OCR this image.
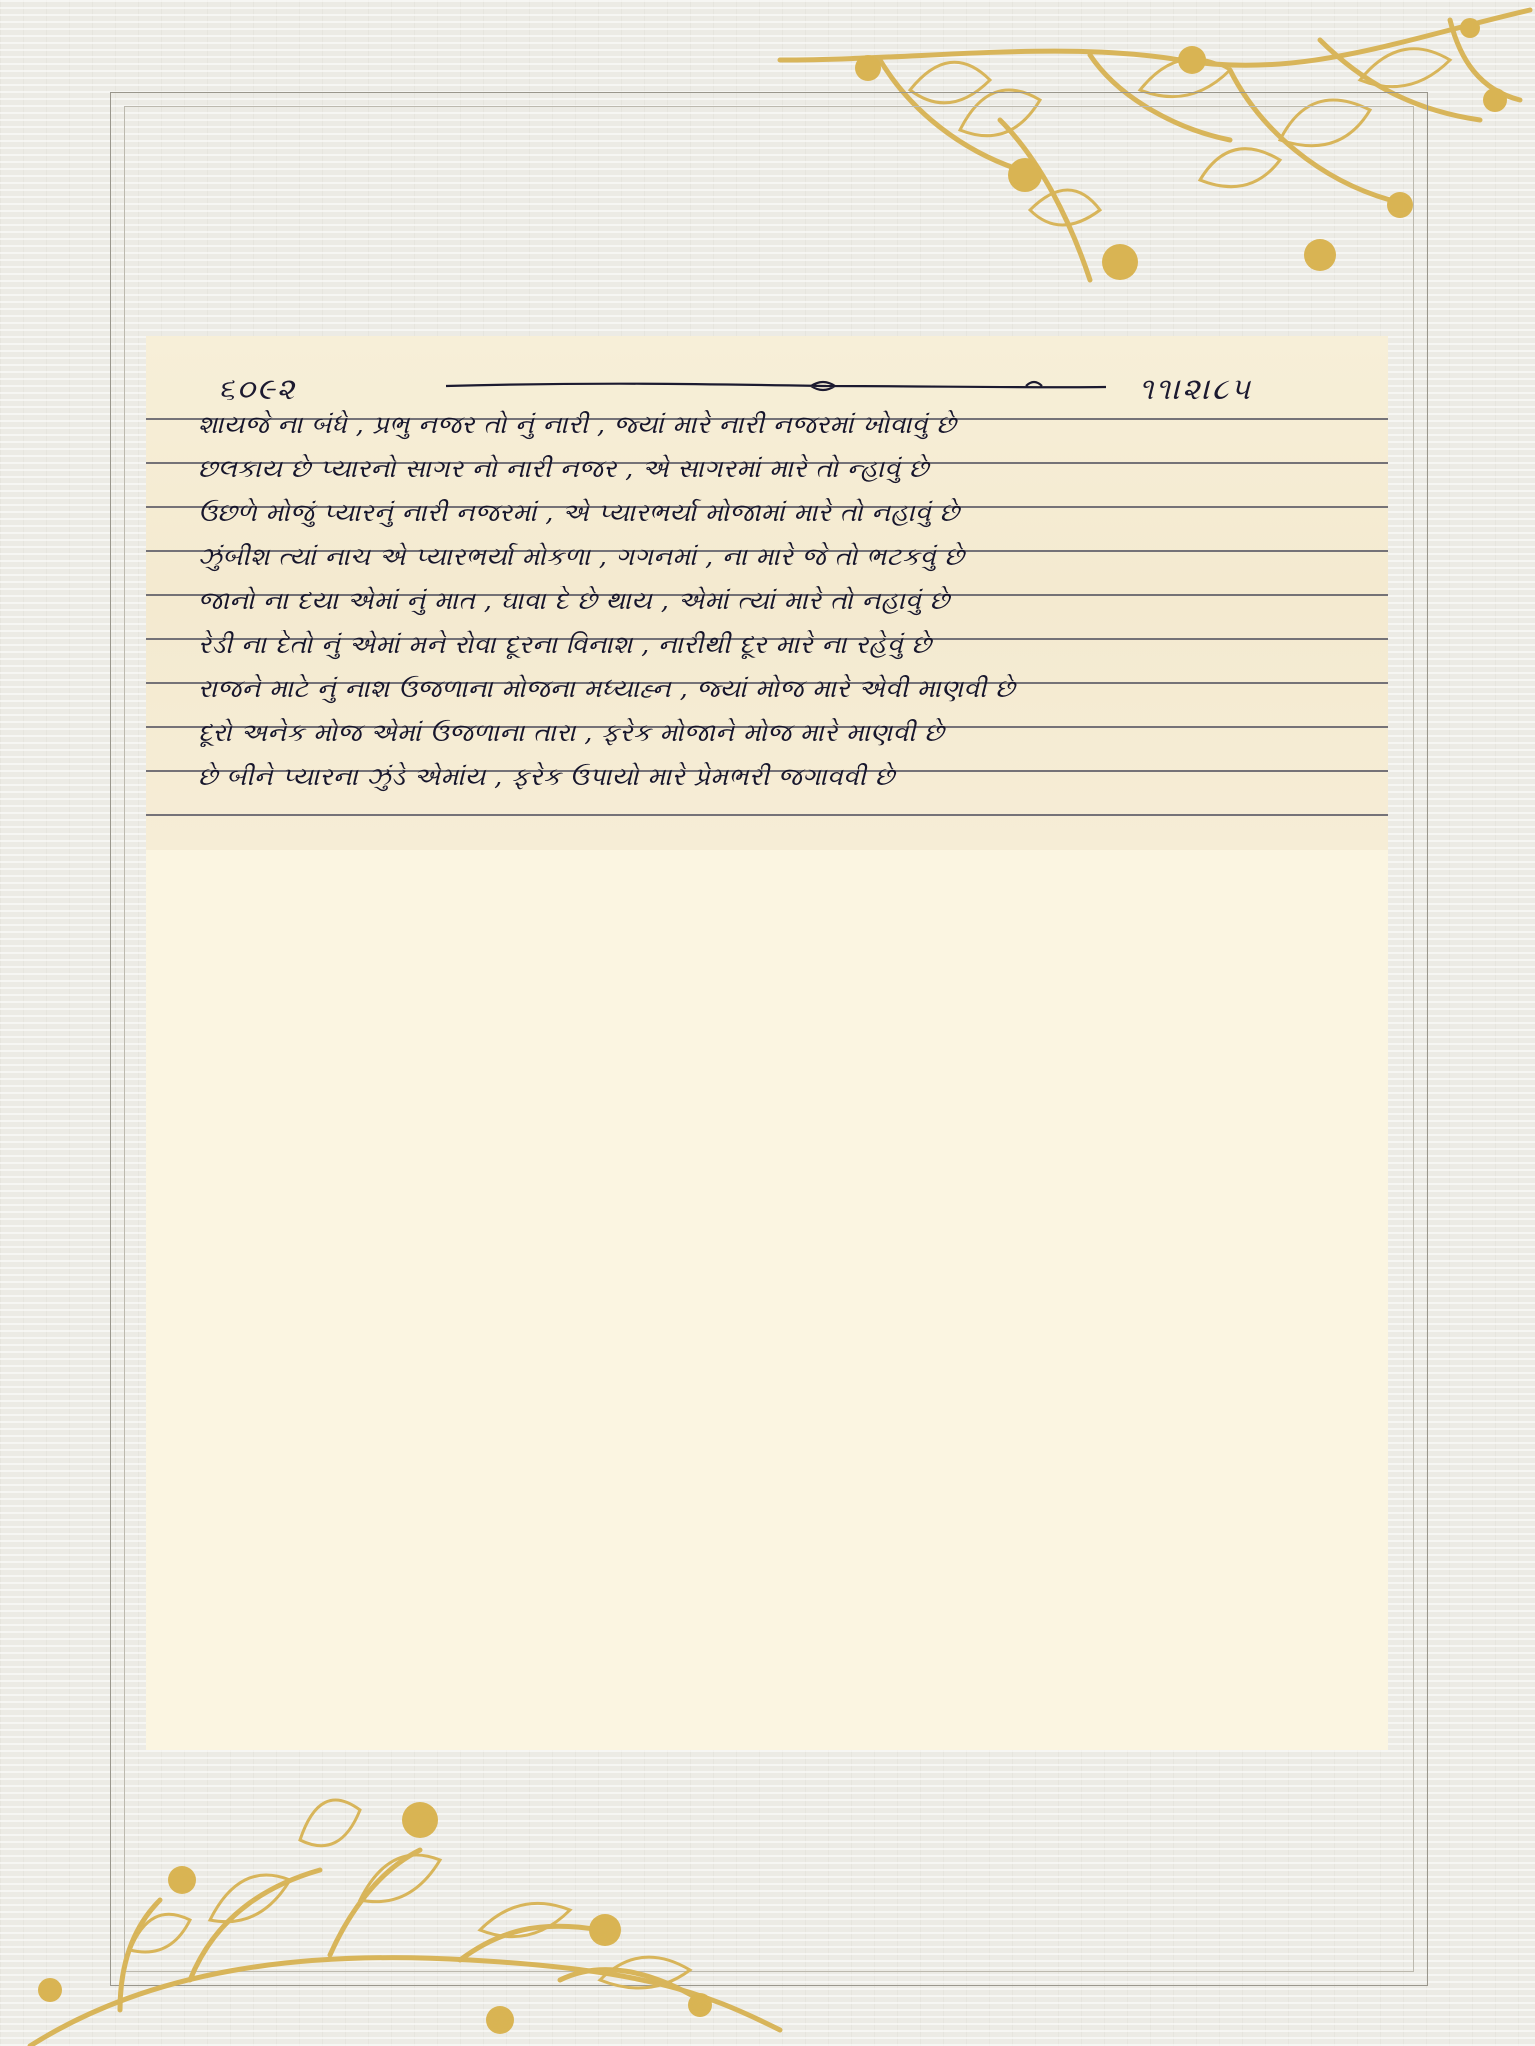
૬૦૯૨	૧૧।૨।૮૫
શાયજે ના બંધે , પ્રભુ નજર તો નું નારી , જ્યાં મારે નારી નજરમાં ખોવાવું છે
છલકાય છે પ્યારનો સાગર નો નારી નજર , એ સાગરમાં મારે તો ન્હાવું છે
ઉછળે મોજું પ્યારનું નારી નજરમાં , એ પ્યારભર્યા મોજામાં મારે તો નહાવું છે
ઝુંબીશ ત્યાં નાચ એ પ્યારભર્યા મોકળા , ગગનમાં , ના મારે જે તો ભટકવું છે
જાનો ના દયા એમાં નું માત , ઘાવા દે છે થાય , એમાં ત્યાં મારે તો નહાવું છે
રેડી ના દેતો નું એમાં મને રોવા દૂરના વિનાશ , નારીથી દૂર મારે ના રહેવું છે
રાજને માટે નું નાશ ઉજળાના મોજના મધ્યાહ્ન , જ્યાં મોજ મારે એવી માણવી છે
દૂરો અનેક મોજ એમાં ઉજળાના તારા , ફરેક મોજાને મોજ મારે માણવી છે
છે બીને પ્યારના ઝુંડે એમાંય , ફરેક ઉપાયો મારે પ્રેમભરી જગાવવી છે
